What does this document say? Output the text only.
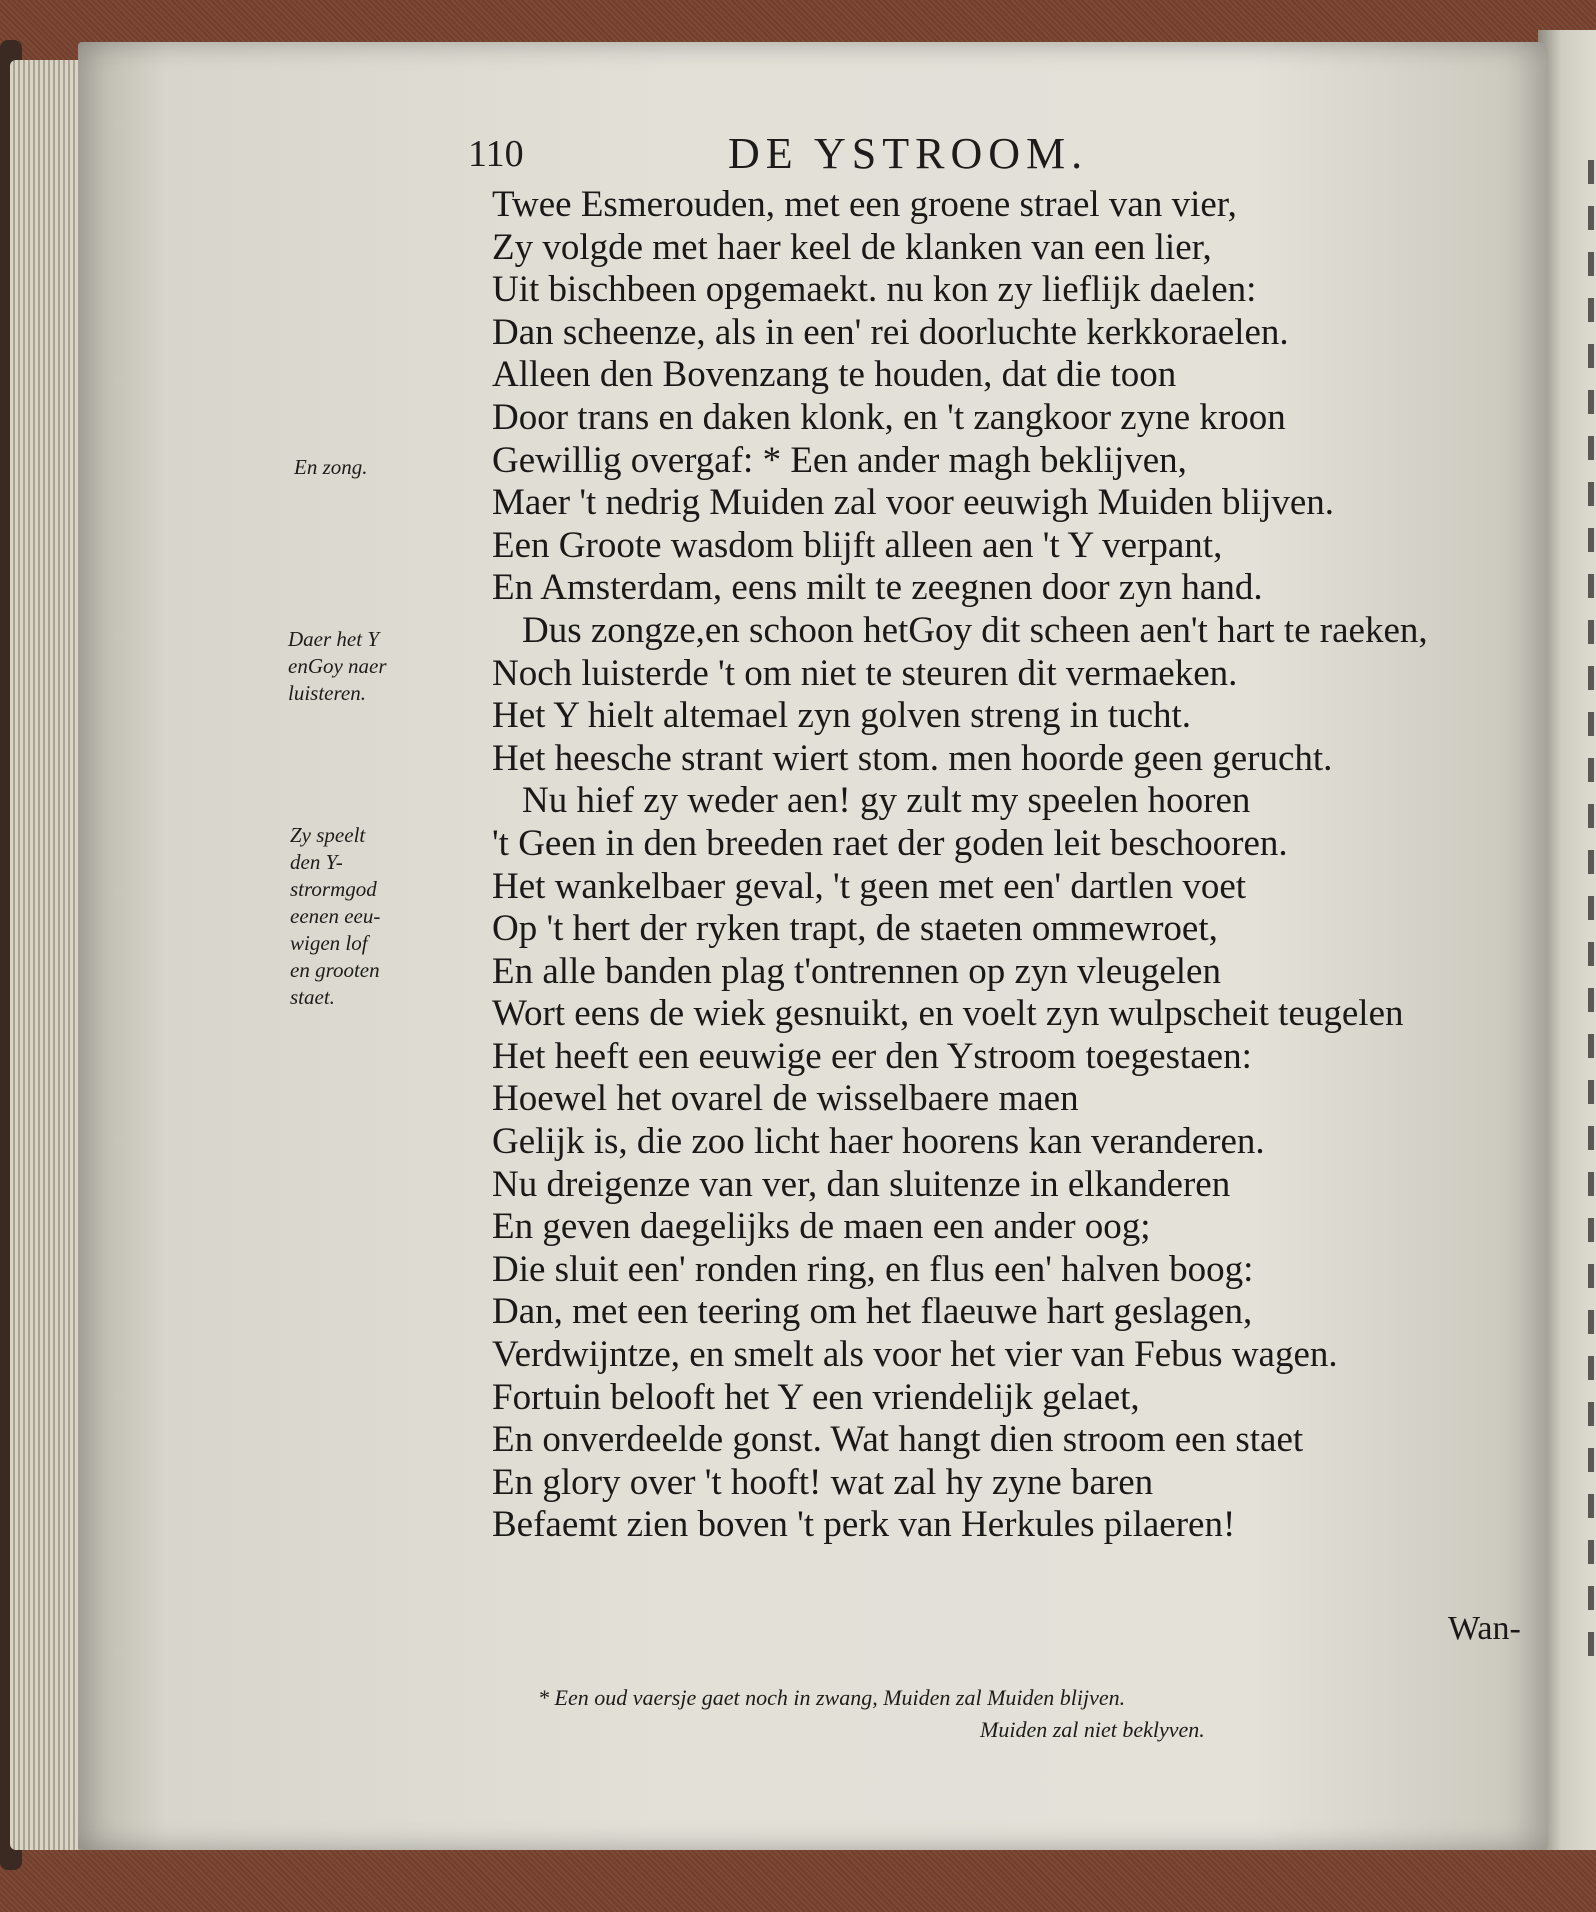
110	DE YSTROOM.
En zong.
Daer het Y
enGoy naer
luisteren.
Zy speelt
den Y-
strormgod
eenen eeu-
wigen lof
en grooten
staet.
Twee Esmerouden, met een groene strael van vier,
Zy volgde met haer keel de klanken van een lier,
Uit bischbeen opgemaekt. nu kon zy lieflijk daelen:
Dan scheenze, als in een' rei doorluchte kerkkoraelen.
Alleen den Bovenzang te houden, dat die toon
Door trans en daken klonk, en 't zangkoor zyne kroon
Gewillig overgaf: * Een ander magh beklijven,
Maer 't nedrig Muiden zal voor eeuwigh Muiden blijven.
Een Groote wasdom blijft alleen aen 't Y verpant,
En Amsterdam, eens milt te zeegnen door zyn hand.
Dus zongze,en schoon hetGoy dit scheen aen't hart te raeken,
Noch luisterde 't om niet te steuren dit vermaeken.
Het Y hielt altemael zyn golven streng in tucht.
Het heesche strant wiert stom. men hoorde geen gerucht.
Nu hief zy weder aen! gy zult my speelen hooren
't Geen in den breeden raet der goden leit beschooren.
Het wankelbaer geval, 't geen met een' dartlen voet
Op 't hert der ryken trapt, de staeten ommewroet,
En alle banden plag t'ontrennen op zyn vleugelen
Wort eens de wiek gesnuikt, en voelt zyn wulpscheit teugelen
Het heeft een eeuwige eer den Ystroom toegestaen:
Hoewel het ovarel de wisselbaere maen
Gelijk is, die zoo licht haer hoorens kan veranderen.
Nu dreigenze van ver, dan sluitenze in elkanderen
En geven daegelijks de maen een ander oog;
Die sluit een' ronden ring, en flus een' halven boog:
Dan, met een teering om het flaeuwe hart geslagen,
Verdwijntze, en smelt als voor het vier van Febus wagen.
Fortuin belooft het Y een vriendelijk gelaet,
En onverdeelde gonst. Wat hangt dien stroom een staet
En glory over 't hooft! wat zal hy zyne baren
Befaemt zien boven 't perk van Herkules pilaeren!
Wan-
* Een oud vaersje gaet noch in zwang, Muiden zal Muiden blijven.
Muiden zal niet beklyven.
